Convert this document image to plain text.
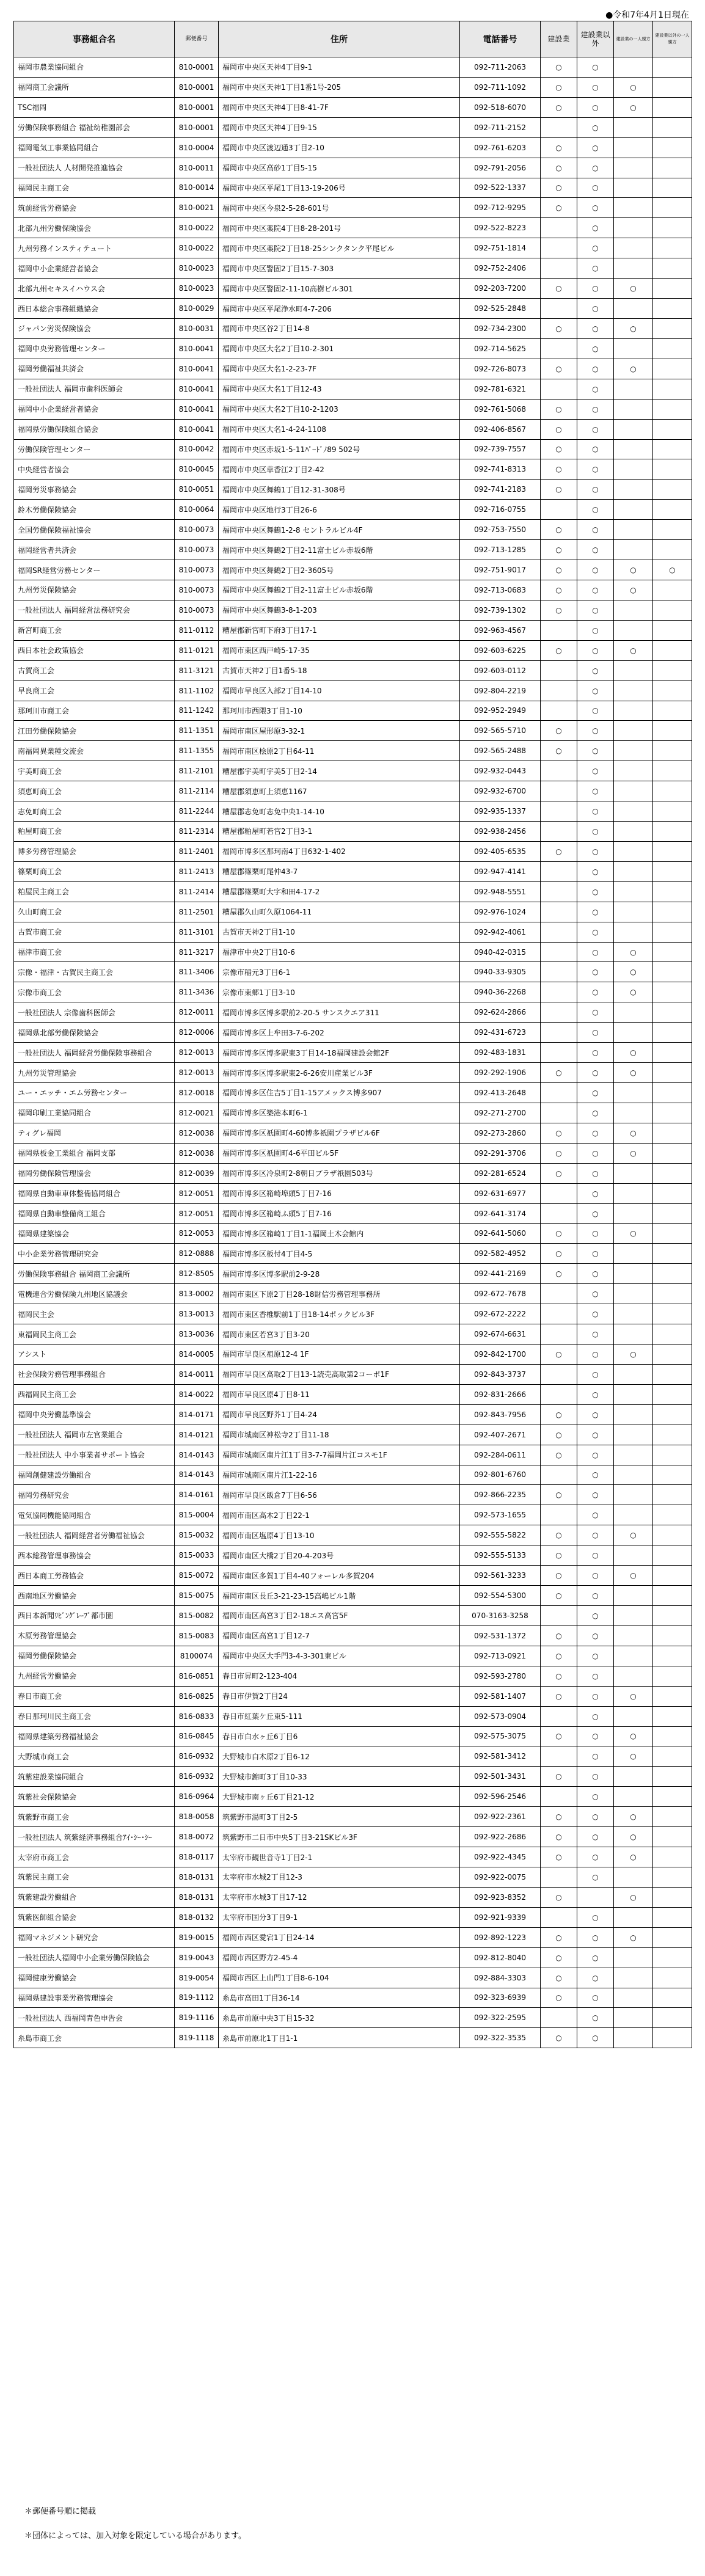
●令和7年4月1日現在
事務組合名	郵便番号	住所	電話番号	建設業	建設業以外	建設業の一人親方	建設業以外の一人親方
福岡市農業協同組合	810-0001	福岡市中央区天神4丁目9-1	092-711-2063	○	○		
福岡商工会議所	810-0001	福岡市中央区天神1丁目1番1号-205	092-711-1092	○	○	○	
TSC福岡	810-0001	福岡市中央区天神4丁目8-41-7F	092-518-6070	○	○	○	
労働保険事務組合 福祉幼稚園部会	810-0001	福岡市中央区天神4丁目9-15	092-711-2152		○		
福岡電気工事業協同組合	810-0004	福岡市中央区渡辺通3丁目2-10	092-761-6203	○	○		
一般社団法人 人材開発推進協会	810-0011	福岡市中央区高砂1丁目5-15	092-791-2056	○	○		
福岡民主商工会	810-0014	福岡市中央区平尾1丁目13-19-206号	092-522-1337	○	○		
筑前経営労務協会	810-0021	福岡市中央区今泉2-5-28-601号	092-712-9295	○	○		
北部九州労働保険協会	810-0022	福岡市中央区薬院4丁目8-28-201号	092-522-8223		○		
九州労務インスティテュート	810-0022	福岡市中央区薬院2丁目18-25シンクタンク平尾ビル	092-751-1814		○		
福岡中小企業経営者協会	810-0023	福岡市中央区警固2丁目15-7-303	092-752-2406		○		
北部九州セキスイハウス会	810-0023	福岡市中央区警固2-11-10高樹ビル301	092-203-7200	○	○	○	
西日本総合事務組織協会	810-0029	福岡市中央区平尾浄水町4-7-206	092-525-2848		○		
ジャパン労災保険協会	810-0031	福岡市中央区谷2丁目14-8	092-734-2300	○	○	○	
福岡中央労務管理センター	810-0041	福岡市中央区大名2丁目10-2-301	092-714-5625		○		
福岡労働福祉共済会	810-0041	福岡市中央区大名1-2-23-7F	092-726-8073	○	○	○	
一般社団法人 福岡市歯科医師会	810-0041	福岡市中央区大名1丁目12-43	092-781-6321		○		
福岡中小企業経営者協会	810-0041	福岡市中央区大名2丁目10-2-1203	092-761-5068	○	○		
福岡県労働保険組合協会	810-0041	福岡市中央区大名1-4-24-1108	092-406-8567	○	○		
労働保険管理センター	810-0042	福岡市中央区赤坂1-5-11ﾊﾟｰﾄﾞﾉ89 502号	092-739-7557	○	○		
中央経営者協会	810-0045	福岡市中央区草香江2丁目2-42	092-741-8313	○	○		
福岡労災事務協会	810-0051	福岡市中央区舞鶴1丁目12-31-308号	092-741-2183	○	○		
鈴木労働保険協会	810-0064	福岡市中央区地行3丁目26-6	092-716-0755		○		
全国労働保険福祉協会	810-0073	福岡市中央区舞鶴1-2-8 セントラルビル4F	092-753-7550	○	○		
福岡経営者共済会	810-0073	福岡市中央区舞鶴2丁目2-11富士ビル赤坂6階	092-713-1285	○	○		
福岡SR経営労務センター	810-0073	福岡市中央区舞鶴2丁目2-3605号	092-751-9017	○	○	○	○
九州労災保険協会	810-0073	福岡市中央区舞鶴2丁目2-11富士ビル赤坂6階	092-713-0683	○	○	○	
一般社団法人 福岡経営法務研究会	810-0073	福岡市中央区舞鶴3-8-1-203	092-739-1302	○	○		
新宮町商工会	811-0112	糟屋郡新宮町下府3丁目17-1	092-963-4567		○		
西日本社会政策協会	811-0121	福岡市東区西戸崎5-17-35	092-603-6225	○	○	○	
古賀商工会	811-3121	古賀市天神2丁目1番5-18	092-603-0112		○		
早良商工会	811-1102	福岡市早良区入部2丁目14-10	092-804-2219		○		
那珂川市商工会	811-1242	那珂川市西隈3丁目1-10	092-952-2949		○		
江田労働保険協会	811-1351	福岡市南区屋形原3-32-1	092-565-5710	○	○		
南福岡異業種交流会	811-1355	福岡市南区桧原2丁目64-11	092-565-2488	○	○		
宇美町商工会	811-2101	糟屋郡宇美町宇美5丁目2-14	092-932-0443		○		
須恵町商工会	811-2114	糟屋郡須恵町上須恵1167	092-932-6700		○		
志免町商工会	811-2244	糟屋郡志免町志免中央1-14-10	092-935-1337		○		
粕屋町商工会	811-2314	糟屋郡粕屋町若宮2丁目3-1	092-938-2456		○		
博多労務管理協会	811-2401	福岡市博多区那珂南4丁目632-1-402	092-405-6535	○	○		
篠栗町商工会	811-2413	糟屋郡篠栗町尾仲43-7	092-947-4141		○		
粕屋民主商工会	811-2414	糟屋郡篠栗町大字和田4-17-2	092-948-5551		○		
久山町商工会	811-2501	糟屋郡久山町久原1064-11	092-976-1024		○		
古賀市商工会	811-3101	古賀市天神2丁目1-10	092-942-4061		○		
福津市商工会	811-3217	福津市中央2丁目10-6	0940-42-0315		○	○	
宗像・福津・古賀民主商工会	811-3406	宗像市稲元3丁目6-1	0940-33-9305		○	○	
宗像市商工会	811-3436	宗像市東郷1丁目3-10	0940-36-2268		○	○	
一般社団法人 宗像歯科医師会	812-0011	福岡市博多区博多駅前2-20-5 サンスクエア311	092-624-2866		○		
福岡県北部労働保険協会	812-0006	福岡市博多区上牟田3-7-6-202	092-431-6723		○		
一般社団法人 福岡経営労働保険事務組合	812-0013	福岡市博多区博多駅東3丁目14-18福岡建設会館2F	092-483-1831		○	○	
九州労災管理協会	812-0013	福岡市博多区博多駅東2-6-26安川産業ビル3F	092-292-1906	○	○	○	
ユー・エッチ・エム労務センター	812-0018	福岡市博多区住吉5丁目1-15アメックス博多907	092-413-2648		○		
福岡印刷工業協同組合	812-0021	福岡市博多区築港本町6-1	092-271-2700		○		
ティグレ福岡	812-0038	福岡市博多区祇園町4-60博多祇園プラザビル6F	092-273-2860	○	○	○	
福岡県板金工業組合 福岡支部	812-0038	福岡市博多区祇園町4-6平田ビル5F	092-291-3706	○	○	○	
福岡労働保険管理協会	812-0039	福岡市博多区冷泉町2-8朝日プラザ祇園503号	092-281-6524	○	○		
福岡県自動車車体整備協同組合	812-0051	福岡市博多区箱崎埠頭5丁目7-16	092-631-6977		○		
福岡県自動車整備商工組合	812-0051	福岡市博多区箱崎ふ頭5丁目7-16	092-641-3174		○		
福岡県建築協会	812-0053	福岡市博多区箱崎1丁目1-1福岡土木会館内	092-641-5060	○	○	○	
中小企業労務管理研究会	812-0888	福岡市博多区板付4丁目4-5	092-582-4952	○	○		
労働保険事務組合 福岡商工会議所	812-8505	福岡市博多区博多駅前2-9-28	092-441-2169	○	○		
電機連合労働保険九州地区協議会	813-0002	福岡市東区下原2丁目28-18財信労務管理事務所	092-672-7678		○		
福岡民主会	813-0013	福岡市東区香椎駅前1丁目18-14ポックビル3F	092-672-2222		○		
東福岡民主商工会	813-0036	福岡市東区若宮3丁目3-20	092-674-6631		○		
アシスト	814-0005	福岡市早良区祖原12-4 1F	092-842-1700	○	○	○	
社会保険労務管理事務組合	814-0011	福岡市早良区高取2丁目13-1読売高取第2コーポ1F	092-843-3737		○		
西福岡民主商工会	814-0022	福岡市早良区原4丁目8-11	092-831-2666		○		
福岡中央労働基準協会	814-0171	福岡市早良区野芥1丁目4-24	092-843-7956	○	○		
一般社団法人 福岡市左官業組合	814-0121	福岡市城南区神松寺2丁目11-18	092-407-2671	○	○		
一般社団法人 中小事業者サポート協会	814-0143	福岡市城南区南片江1丁目3-7-7福岡片江コスモ1F	092-284-0611	○	○		
福岡創健建設労働組合	814-0143	福岡市城南区南片江1-22-16	092-801-6760		○		
福岡労務研究会	814-0161	福岡市早良区飯倉7丁目6-56	092-866-2235	○	○		
電気協同機能協同組合	815-0004	福岡市南区高木2丁目22-1	092-573-1655		○		
一般社団法人 福岡経営者労働福祉協会	815-0032	福岡市南区塩原4丁目13-10	092-555-5822	○	○	○	
西本総務管理事務協会	815-0033	福岡市南区大橋2丁目20-4-203号	092-555-5133	○	○		
西日本商工労務協会	815-0072	福岡市南区多賀1丁目4-40フォーレル多賀204	092-561-3233	○	○	○	
西南地区労働協会	815-0075	福岡市南区長丘3-21-23-15高嶋ビル1階	092-554-5300	○	○		
西日本新聞ﾘﾋﾞﾝｸﾞﾚｰﾌﾞ都市圏	815-0082	福岡市南区高宮3丁目2-18エス高宮5F	070-3163-3258		○		
木原労務管理協会	815-0083	福岡市南区高宮1丁目12-7	092-531-1372	○	○		
福岡労働保険協会	8100074	福岡市中央区大手門3-4-3-301東ビル	092-713-0921	○	○		
九州経営労働協会	816-0851	春日市昇町2-123-404	092-593-2780	○	○		
春日市商工会	816-0825	春日市伊賀2丁目24	092-581-1407	○	○	○	
春日那珂川民主商工会	816-0833	春日市紅葉ケ丘東5-111	092-573-0904		○		
福岡県建築労務福祉協会	816-0845	春日市白水ヶ丘6丁目6	092-575-3075	○	○	○	
大野城市商工会	816-0932	大野城市白木原2丁目6-12	092-581-3412		○	○	
筑紫建設業協同組合	816-0932	大野城市錦町3丁目10-33	092-501-3431	○	○		
筑紫社会保険協会	816-0964	大野城市南ヶ丘6丁目21-12	092-596-2546		○		
筑紫野市商工会	818-0058	筑紫野市湯町3丁目2-5	092-922-2361	○	○	○	
一般社団法人 筑紫経済事務組合ｱｲ･ｼｰ･ｼｰ	818-0072	筑紫野市二日市中央5丁目3-21SKビル3F	092-922-2686	○	○	○	
太宰府市商工会	818-0117	太宰府市観世音寺1丁目2-1	092-922-4345	○	○	○	
筑紫民主商工会	818-0131	太宰府市水城2丁目12-3	092-922-0075		○		
筑紫建設労働組合	818-0131	太宰府市水城3丁目17-12	092-923-8352	○		○	
筑紫医師組合協会	818-0132	太宰府市国分3丁目9-1	092-921-9339		○		
福岡マネジメント研究会	819-0015	福岡市西区愛宕1丁目24-14	092-892-1223	○	○	○	
一般社団法人福岡中小企業労働保険協会	819-0043	福岡市西区野方2-45-4	092-812-8040	○	○		
福岡健康労働協会	819-0054	福岡市西区上山門1丁目8-6-104	092-884-3303	○	○		
福岡県建設事業労務管理協会	819-1112	糸島市高田1丁目36-14	092-323-6939	○	○		
一般社団法人 西福岡青色申告会	819-1116	糸島市前原中央3丁目15-32	092-322-2595		○		
糸島市商工会	819-1118	糸島市前原北1丁目1-1	092-322-3535	○	○		
＊郵便番号順に掲載
＊団体によっては、加入対象を限定している場合があります。
